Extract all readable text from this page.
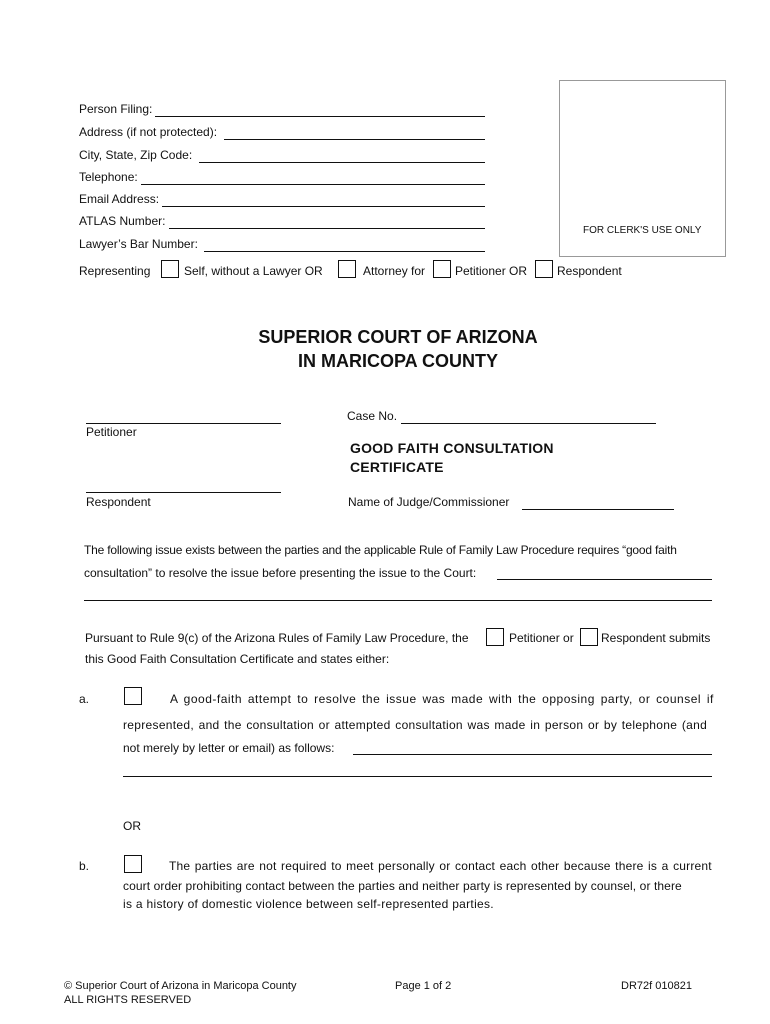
Person Filing:
Address (if not protected):
City, State, Zip Code:
Telephone:
Email Address:
ATLAS Number:
Lawyer’s Bar Number:
FOR CLERK'S USE ONLY
Representing	Self, without a Lawyer OR	Attorney for Petitioner OR Respondent
SUPERIOR COURT OF ARIZONA
IN MARICOPA COUNTY
Petitioner
Case No.
GOOD FAITH CONSULTATION
CERTIFICATE
Respondent	Name of Judge/Commissioner
The following issue exists between the parties and the applicable Rule of Family Law Procedure requires “good faith
consultation” to resolve the issue before presenting the issue to the Court:
Pursuant to Rule 9(c) of the Arizona Rules of Family Law Procedure, the	Petitioner or Respondent submits
this Good Faith Consultation Certificate and states either:
a.	A good-faith attempt to resolve the issue was made with the opposing party, or counsel if
represented, and the consultation or attempted consultation was made in person or by telephone (and
not merely by letter or email) as follows:
OR
b.	The parties are not required to meet personally or contact each other because there is a current
court order prohibiting contact between the parties and neither party is represented by counsel, or there
is a history of domestic violence between self-represented parties.
© Superior Court of Arizona in Maricopa County
ALL RIGHTS RESERVED
Page 1 of 2	DR72f 010821
